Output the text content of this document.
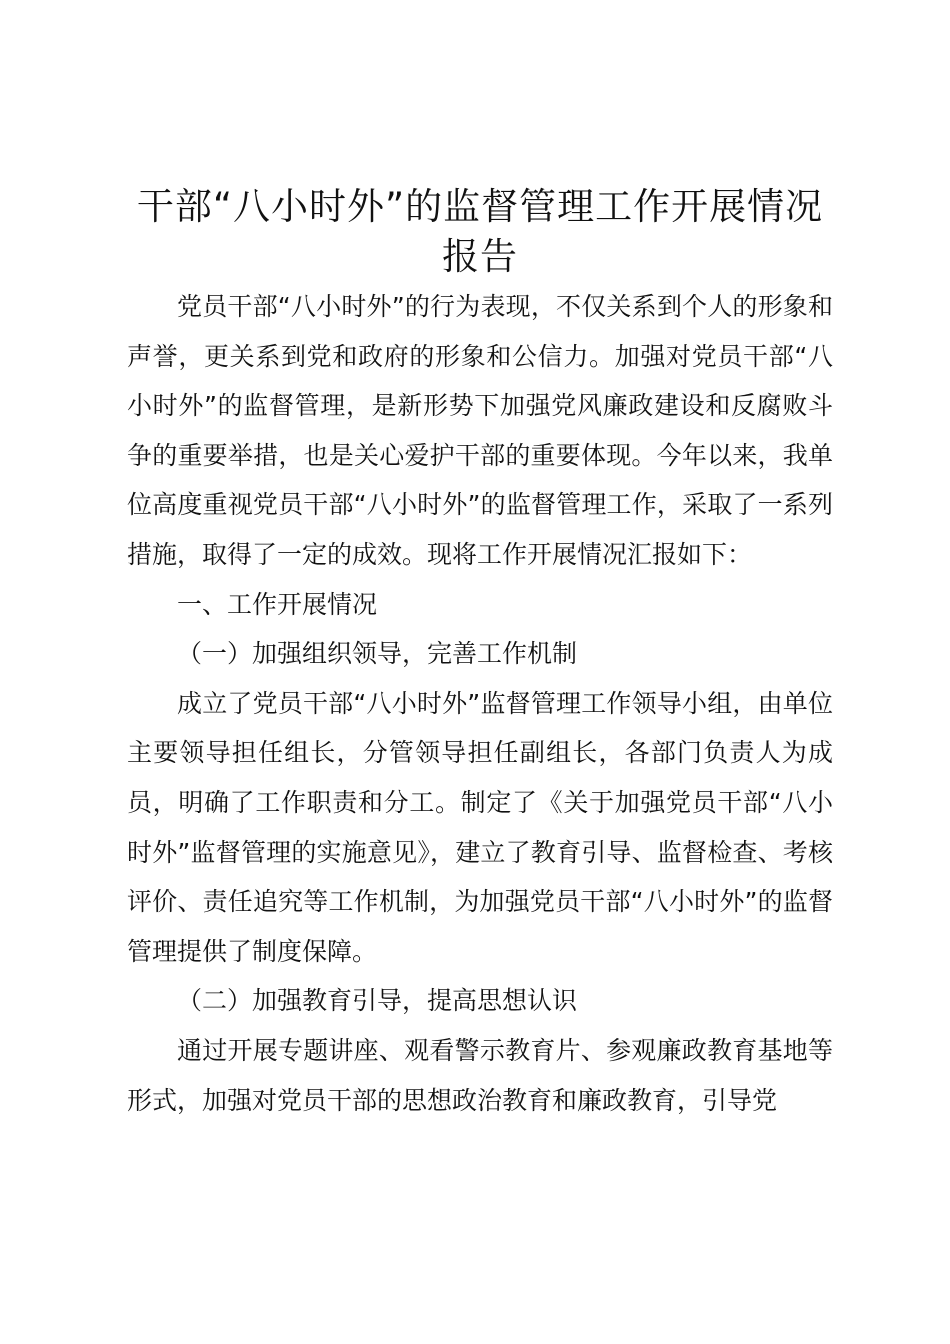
干部“八小时外”的监督管理工作开展情况报告

党员干部“八小时外”的行为表现，不仅关系到个人的形象和声誉，更关系到党和政府的形象和公信力。加强对党员干部“八小时外”的监督管理，是新形势下加强党风廉政建设和反腐败斗争的重要举措，也是关心爱护干部的重要体现。今年以来，我单位高度重视党员干部“八小时外”的监督管理工作，采取了一系列措施，取得了一定的成效。现将工作开展情况汇报如下：

一、工作开展情况

（一）加强组织领导，完善工作机制

成立了党员干部“八小时外”监督管理工作领导小组，由单位主要领导担任组长，分管领导担任副组长，各部门负责人为成员，明确了工作职责和分工。制定了《关于加强党员干部“八小时外”监督管理的实施意见》，建立了教育引导、监督检查、考核评价、责任追究等工作机制，为加强党员干部“八小时外”的监督管理提供了制度保障。

（二）加强教育引导，提高思想认识

通过开展专题讲座、观看警示教育片、参观廉政教育基地等形式，加强对党员干部的思想政治教育和廉政教育，引导党
